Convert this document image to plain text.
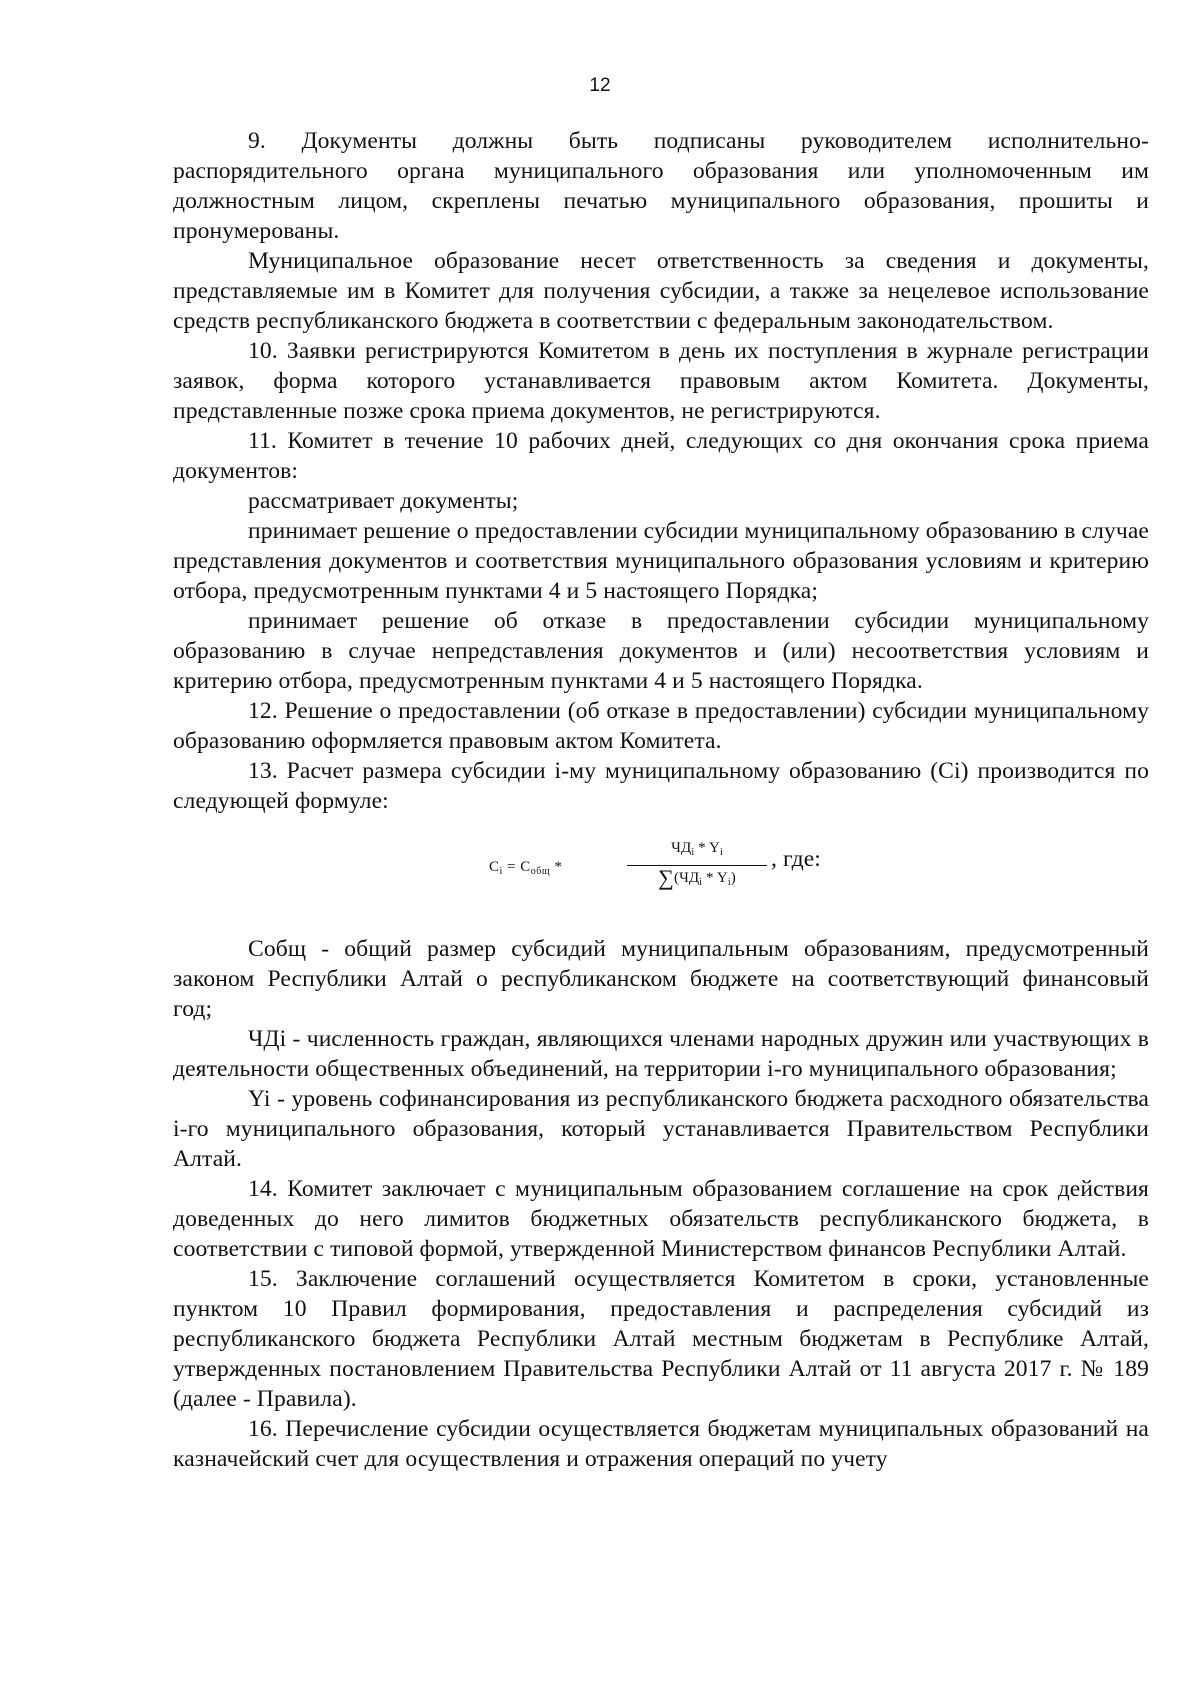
12

9. Документы должны быть подписаны руководителем исполнительно-распорядительного органа муниципального образования или уполномоченным им должностным лицом, скреплены печатью муниципального образования, прошиты и пронумерованы.

Муниципальное образование несет ответственность за сведения и документы, представляемые им в Комитет для получения субсидии, а также за нецелевое использование средств республиканского бюджета в соответствии с федеральным законодательством.

10. Заявки регистрируются Комитетом в день их поступления в журнале регистрации заявок, форма которого устанавливается правовым актом Комитета. Документы, представленные позже срока приема документов, не регистрируются.

11. Комитет в течение 10 рабочих дней, следующих со дня окончания срока приема документов:

рассматривает документы;

принимает решение о предоставлении субсидии муниципальному образованию в случае представления документов и соответствия муниципального образования условиям и критерию отбора, предусмотренным пунктами 4 и 5 настоящего Порядка;

принимает решение об отказе в предоставлении субсидии муниципальному образованию в случае непредставления документов и (или) несоответствия условиям и критерию отбора, предусмотренным пунктами 4 и 5 настоящего Порядка.

12. Решение о предоставлении (об отказе в предоставлении) субсидии муниципальному образованию оформляется правовым актом Комитета.

13. Расчет размера субсидии i-му муниципальному образованию (Ci) производится по следующей формуле:

$C_i = C_{общ}$ *
$ЧД_i * Y_i$
$\sum(ЧД_i * Y_i)$
, где:

Cобщ - общий размер субсидий муниципальным образованиям, предусмотренный законом Республики Алтай о республиканском бюджете на соответствующий финансовый год;

ЧДi - численность граждан, являющихся членами народных дружин или участвующих в деятельности общественных объединений, на территории i-го муниципального образования;

Yi - уровень софинансирования из республиканского бюджета расходного обязательства i-го муниципального образования, который устанавливается Правительством Республики Алтай.

14. Комитет заключает с муниципальным образованием соглашение на срок действия доведенных до него лимитов бюджетных обязательств республиканского бюджета, в соответствии с типовой формой, утвержденной Министерством финансов Республики Алтай.

15. Заключение соглашений осуществляется Комитетом в сроки, установленные пунктом 10 Правил формирования, предоставления и распределения субсидий из республиканского бюджета Республики Алтай местным бюджетам в Республике Алтай, утвержденных постановлением Правительства Республики Алтай от 11 августа 2017 г. № 189 (далее - Правила).

16. Перечисление субсидии осуществляется бюджетам муниципальных образований на казначейский счет для осуществления и отражения операций по учету
